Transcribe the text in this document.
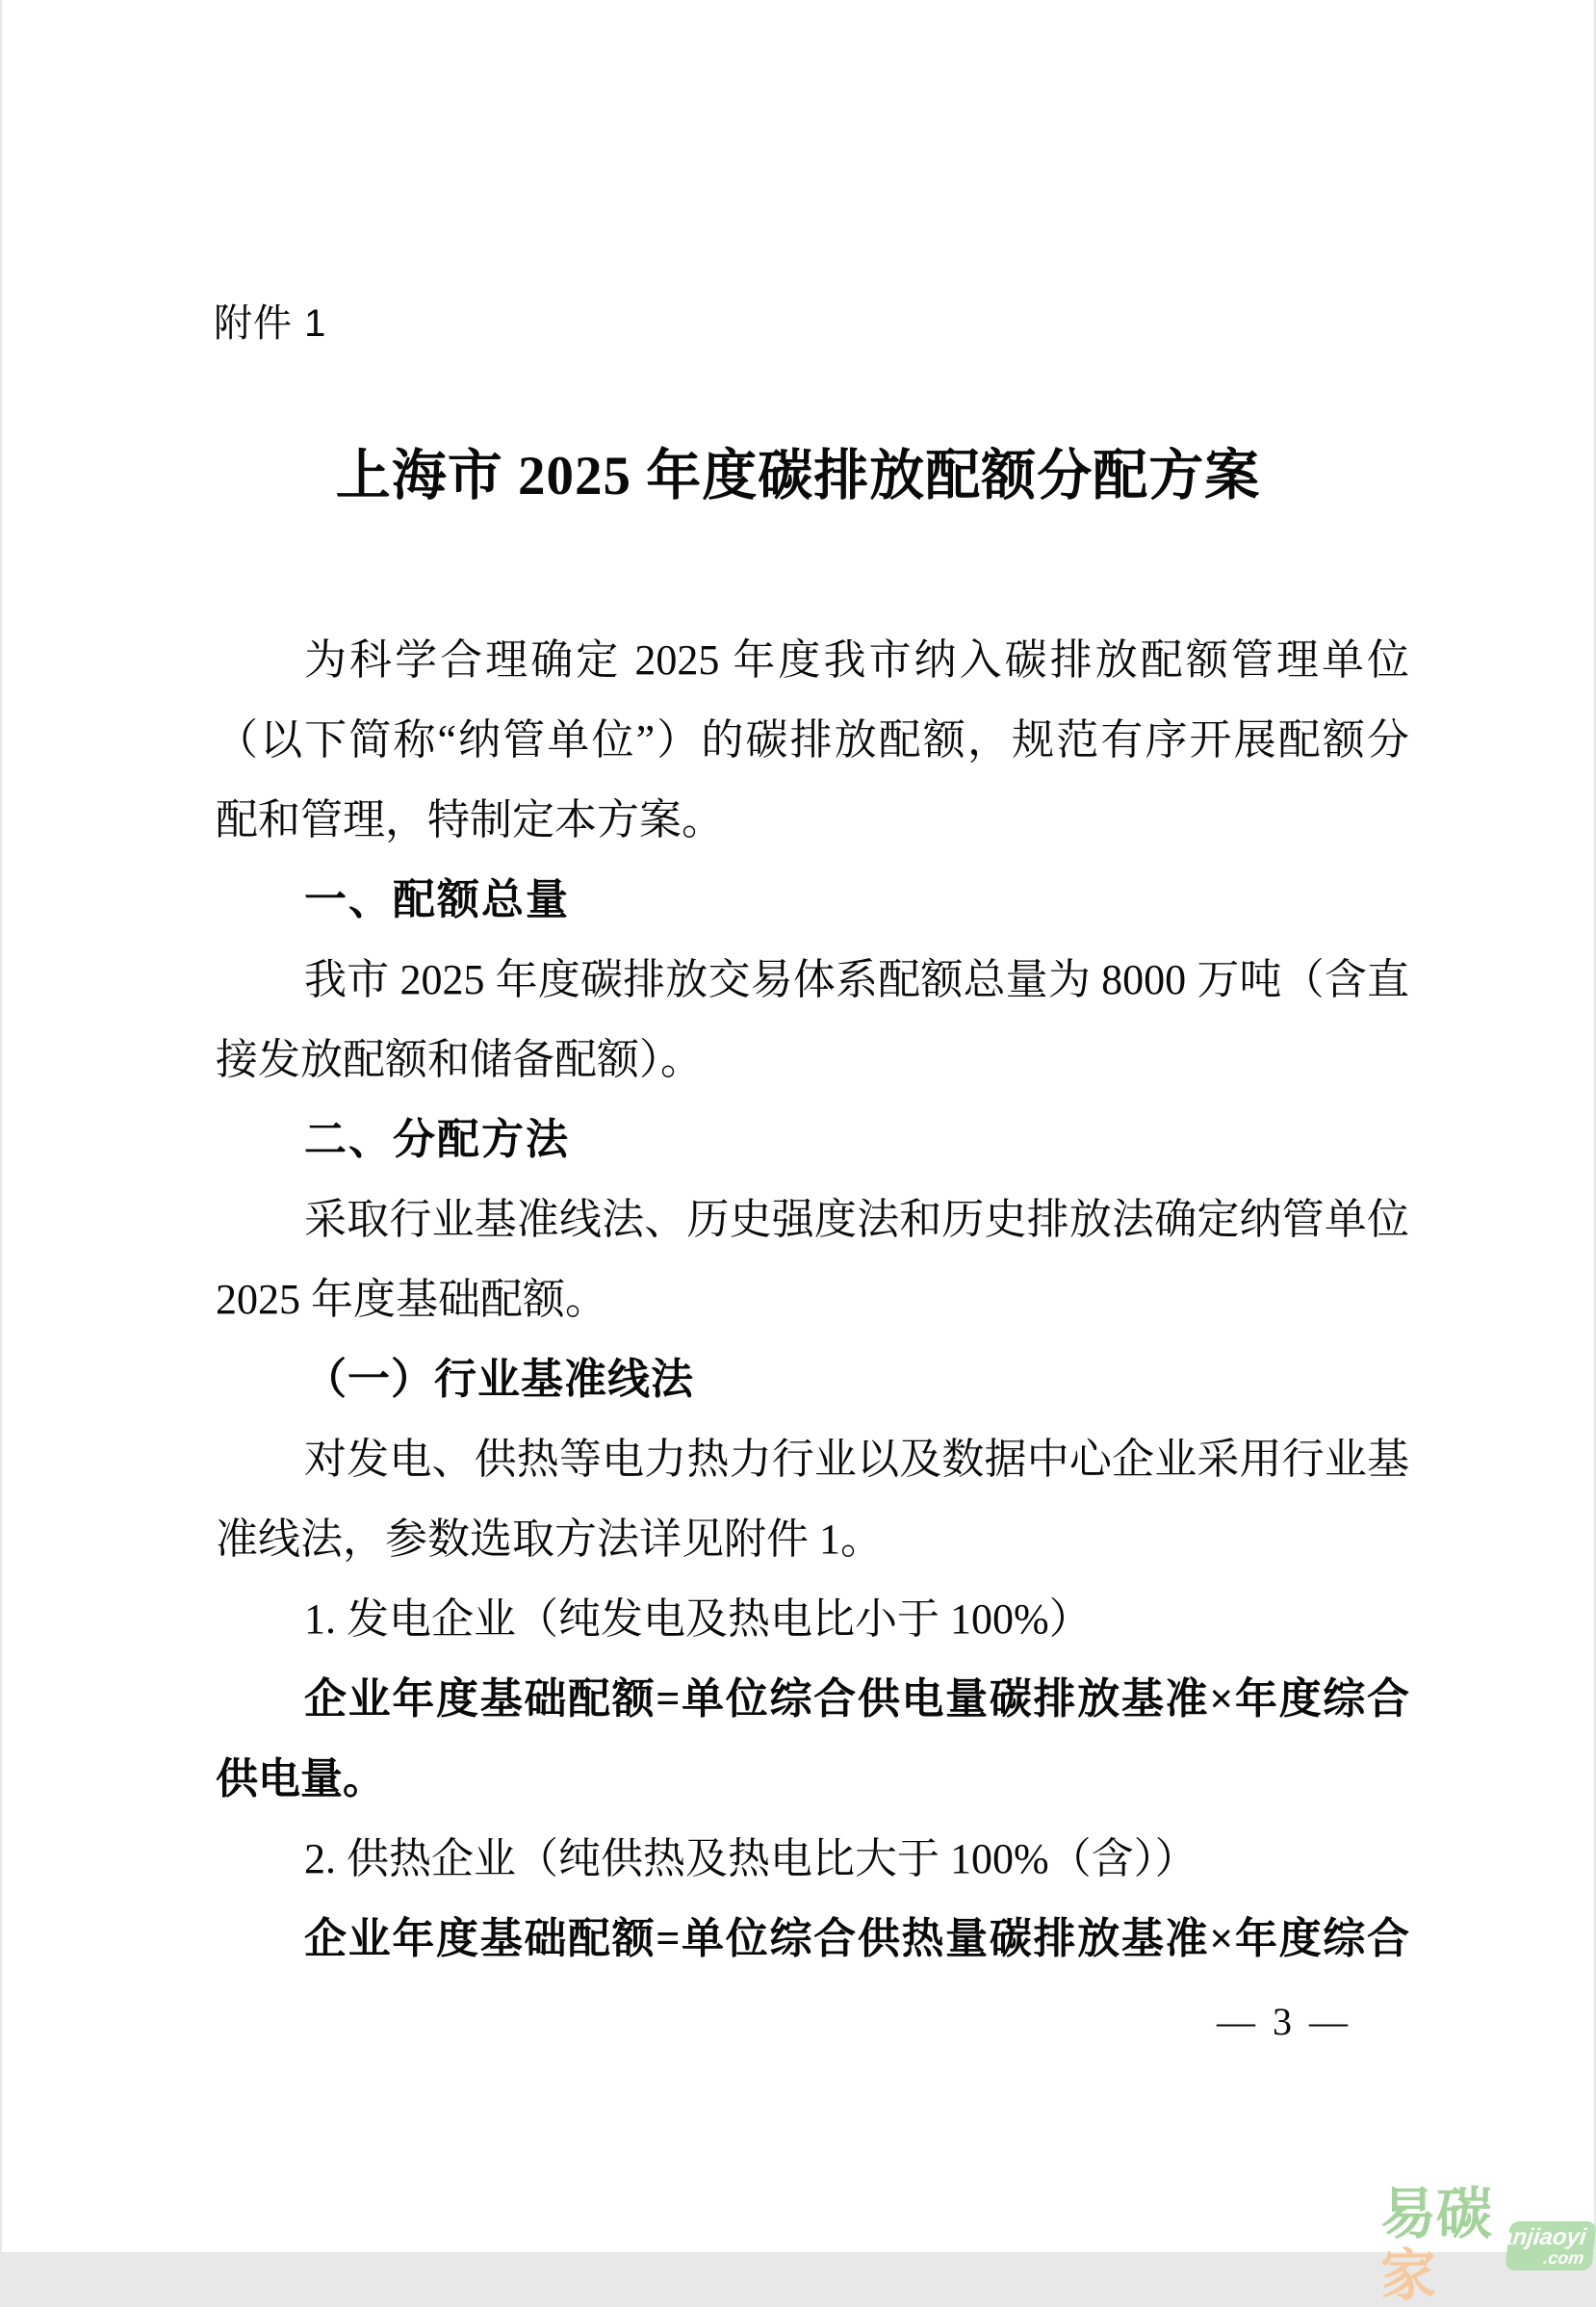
附件 1
上海市 2025 年度碳排放配额分配方案
为科学合理确定 2025 年度我市纳入碳排放配额管理单位
（以下简称“纳管单位”）的碳排放配额，规范有序开展配额分
配和管理，特制定本方案。
一、配额总量
我市 2025 年度碳排放交易体系配额总量为 8000 万吨（含直
接发放配额和储备配额）。
二、分配方法
采取行业基准线法、历史强度法和历史排放法确定纳管单位
2025 年度基础配额。
（一）行业基准线法
对发电、供热等电力热力行业以及数据中心企业采用行业基
准线法，参数选取方法详见附件 1。
1. 发电企业（纯发电及热电比小于 100%）
企业年度基础配额=单位综合供电量碳排放基准×年度综合
供电量。
2. 供热企业（纯供热及热电比大于 100%（含））
企业年度基础配额=单位综合供热量碳排放基准×年度综合
— 3 —
易碳家
tanjiaoyi
.com
